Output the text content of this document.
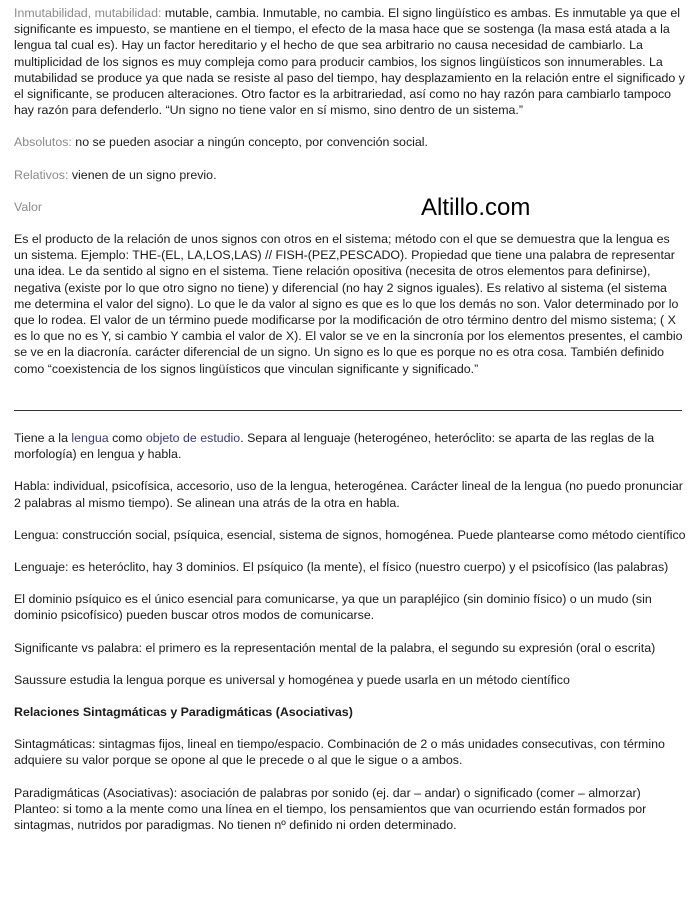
Inmutabilidad, mutabilidad: mutable, cambia. Inmutable, no cambia. El signo lingüístico es ambas. Es inmutable ya que el significante es impuesto, se mantiene en el tiempo, el efecto de la masa hace que se sostenga (la masa está atada a la lengua tal cual es). Hay un factor hereditario y el hecho de que sea arbitrario no causa necesidad de cambiarlo. La multiplicidad de los signos es muy compleja como para producir cambios, los signos lingüísticos son innumerables. La mutabilidad se produce ya que nada se resiste al paso del tiempo, hay desplazamiento en la relación entre el significado y el significante, se producen alteraciones. Otro factor es la arbitrariedad, así como no hay razón para cambiarlo tampoco hay razón para defenderlo. “Un signo no tiene valor en sí mismo, sino dentro de un sistema.”

Absolutos: no se pueden asociar a ningún concepto, por convención social.

Relativos: vienen de un signo previo.

Valor

Es el producto de la relación de unos signos con otros en el sistema; método con el que se demuestra que la lengua es un sistema. Ejemplo: THE-(EL, LA,LOS,LAS) // FISH-(PEZ,PESCADO). Propiedad que tiene una palabra de representar una idea. Le da sentido al signo en el sistema. Tiene relación opositiva (necesita de otros elementos para definirse), negativa (existe por lo que otro signo no tiene) y diferencial (no hay 2 signos iguales). Es relativo al sistema (el sistema me determina el valor del signo). Lo que le da valor al signo es que es lo que los demás no son. Valor determinado por lo que lo rodea. El valor de un término puede modificarse por la modificación de otro término dentro del mismo sistema; ( X es lo que no es Y, si cambio Y cambia el valor de X). El valor se ve en la sincronía por los elementos presentes, el cambio se ve en la diacronía. carácter diferencial de un signo. Un signo es lo que es porque no es otra cosa. También definido como “coexistencia de los signos lingüísticos que vinculan significante y significado.”

Altillo.com

Tiene a la lengua como objeto de estudio. Separa al lenguaje (heterogéneo, heteróclito: se aparta de las reglas de la morfología) en lengua y habla.

Habla: individual, psicofísica, accesorio, uso de la lengua, heterogénea. Carácter lineal de la lengua (no puedo pronunciar 2 palabras al mismo tiempo). Se alinean una atrás de la otra en habla.

Lengua: construcción social, psíquica, esencial, sistema de signos, homogénea. Puede plantearse como método científico

Lenguaje: es heteróclito, hay 3 dominios. El psíquico (la mente), el físico (nuestro cuerpo) y el psicofísico (las palabras)

El dominio psíquico es el único esencial para comunicarse, ya que un parapléjico (sin dominio físico) o un mudo (sin dominio psicofísico) pueden buscar otros modos de comunicarse.

Significante vs palabra: el primero es la representación mental de la palabra, el segundo su expresión (oral o escrita)

Saussure estudia la lengua porque es universal y homogénea y puede usarla en un método científico

Relaciones Sintagmáticas y Paradigmáticas (Asociativas)

Sintagmáticas: sintagmas fijos, lineal en tiempo/espacio. Combinación de 2 o más unidades consecutivas, con término adquiere su valor porque se opone al que le precede o al que le sigue o a ambos.

Paradigmáticas (Asociativas): asociación de palabras por sonido (ej. dar – andar) o significado (comer – almorzar) Planteo: si tomo a la mente como una línea en el tiempo, los pensamientos que van ocurriendo están formados por sintagmas, nutridos por paradigmas. No tienen nº definido ni orden determinado.
